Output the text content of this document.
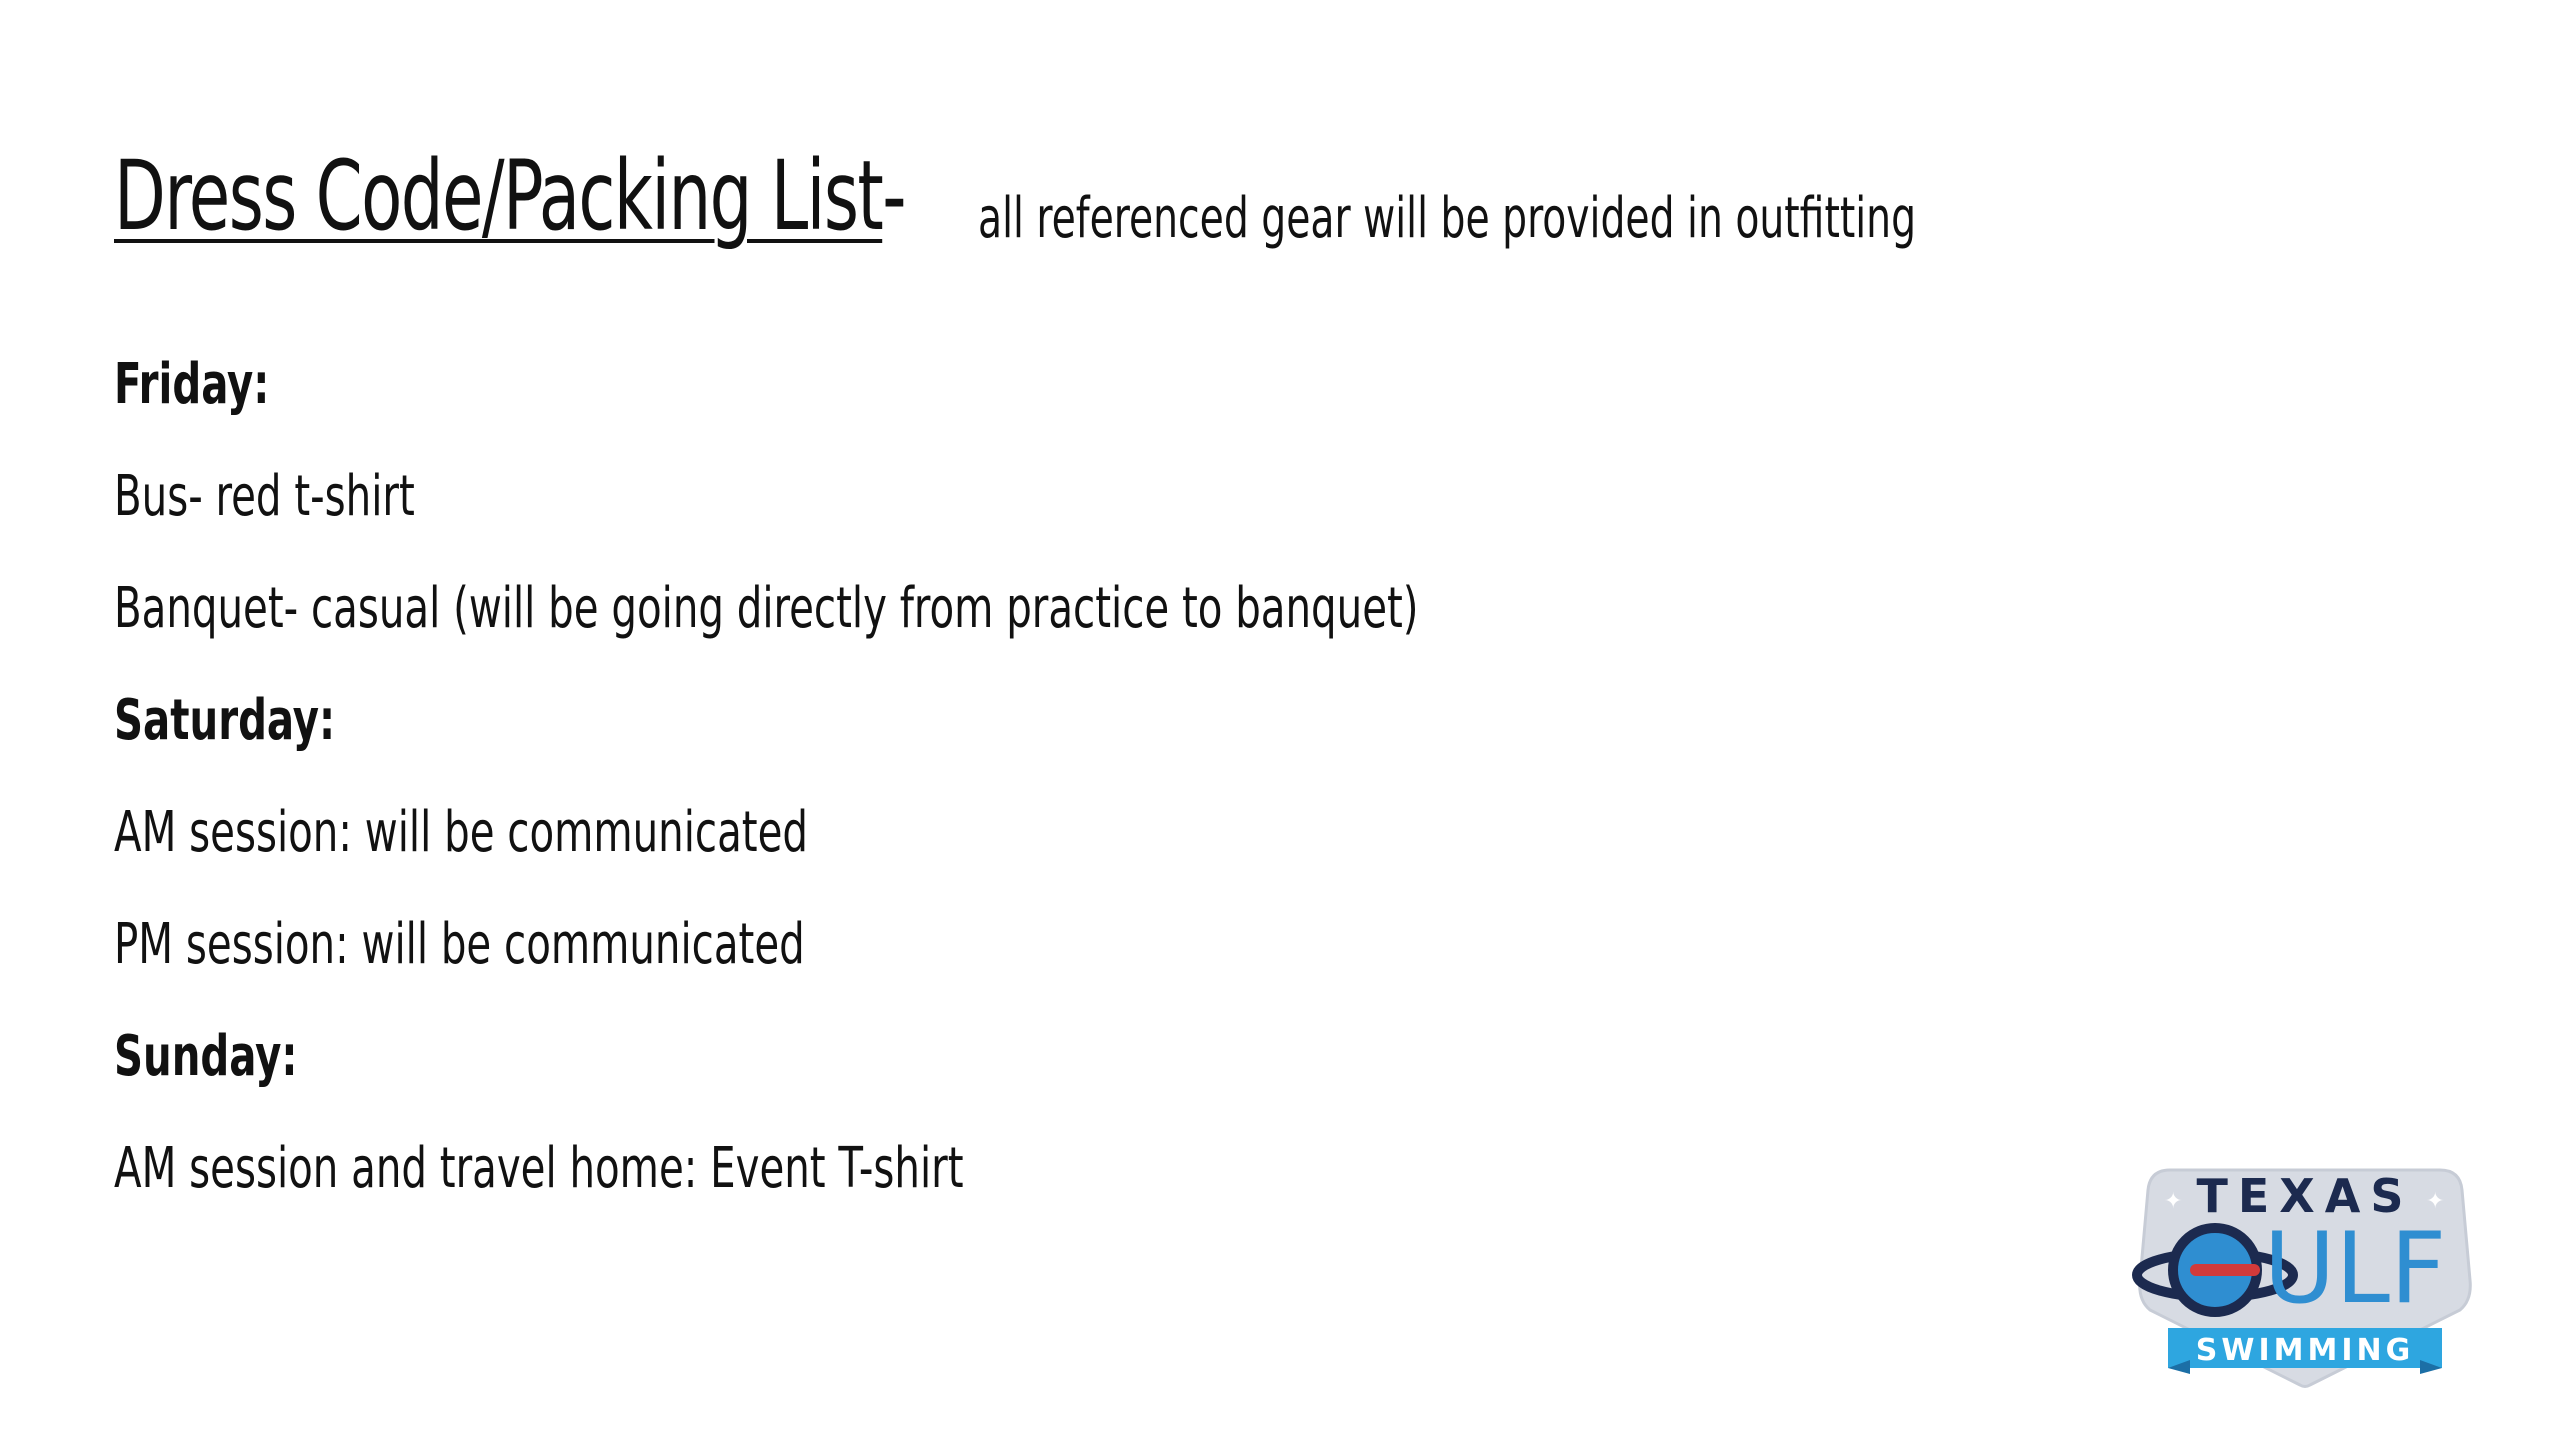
Dress Code/Packing List- all referenced gear will be provided in outfitting
Friday:
Bus- red t-shirt
Banquet- casual (will be going directly from practice to banquet)
Saturday:
AM session: will be communicated
PM session: will be communicated
Sunday:
AM session and travel home: Event T-shirt
✦	✦
TEXAS
ULF
SWIMMING
